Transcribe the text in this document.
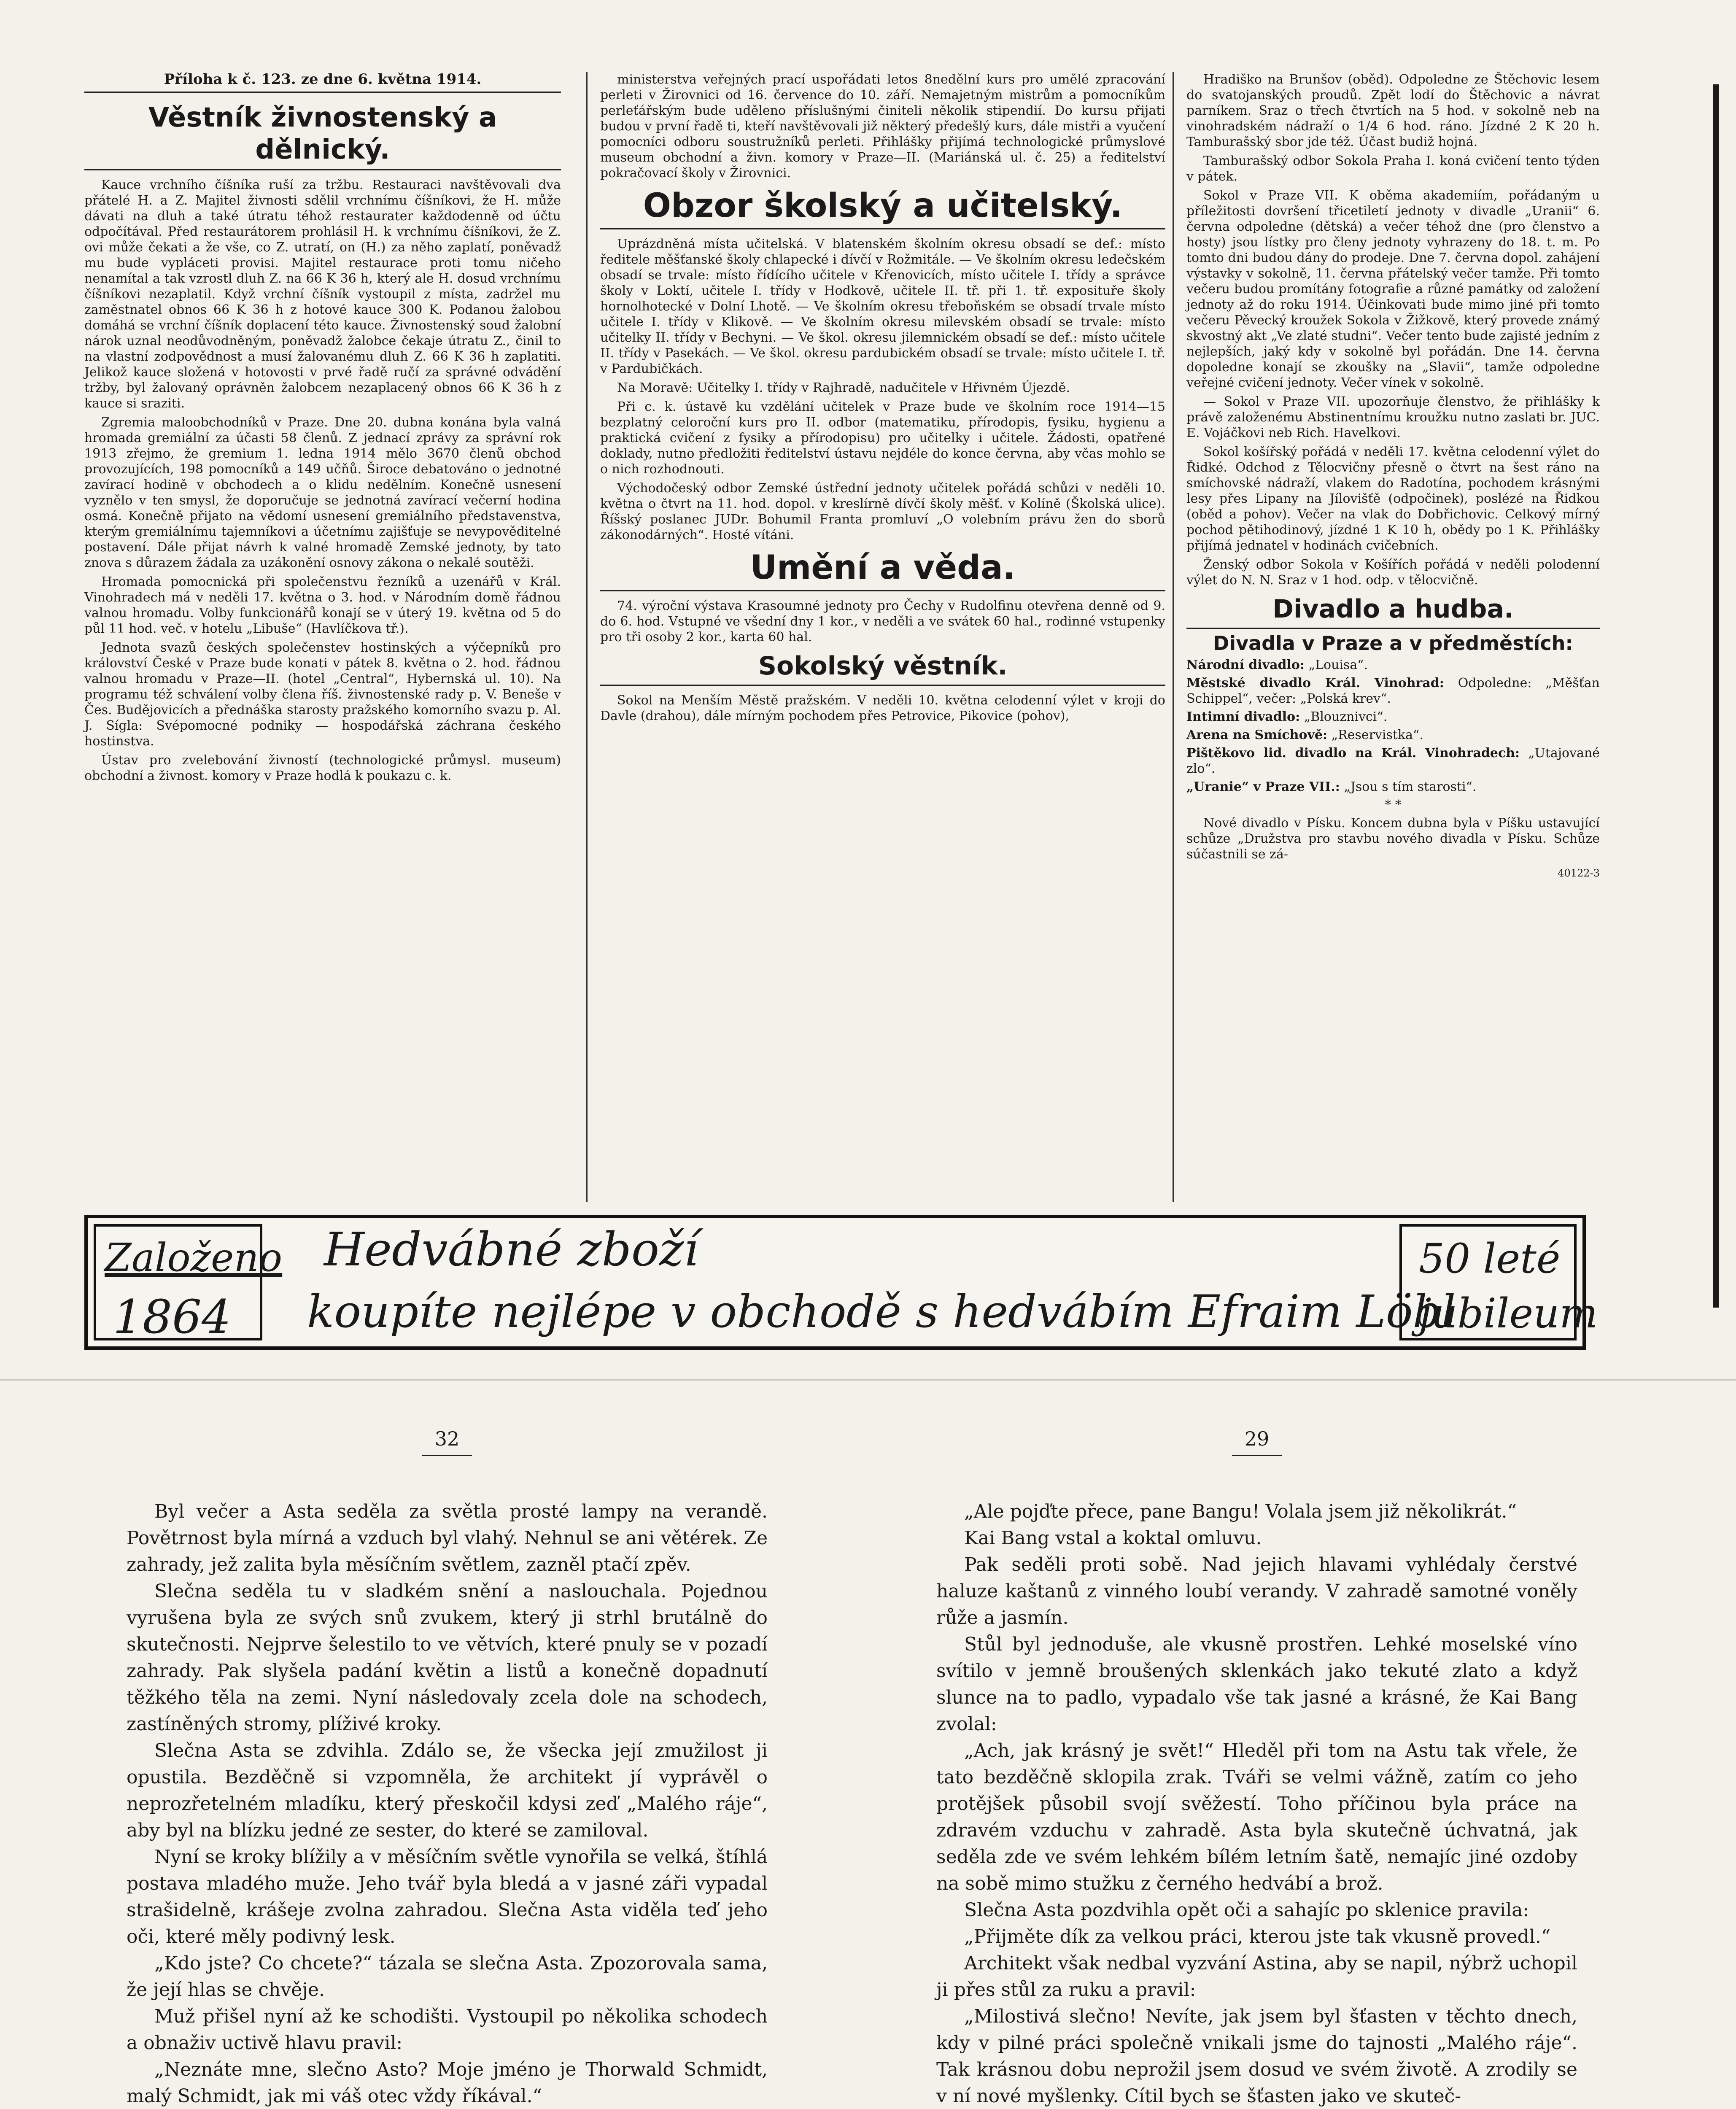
Příloha k č. 123. ze dne 6. května 1914.
Věstník živnostenský a dělnický.

Kauce vrchního číšníka ruší za tržbu. Restauraci navštěvovali dva přátelé H. a Z. Majitel živnosti sdělil vrchnímu číšníkovi, že H. může dávati na dluh a také útratu téhož restaurater každodenně od účtu odpočítával. Před restaurátorem prohlásil H. k vrchnímu číšníkovi, že Z. ovi může čekati a že vše, co Z. utratí, on (H.) za něho zaplatí, poněvadž mu bude vypláceti provisi. Majitel restaurace proti tomu ničeho nenamítal a tak vzrostl dluh Z. na 66 K 36 h, který ale H. dosud vrchnímu číšníkovi nezaplatil. Když vrchní číšník vystoupil z místa, zadržel mu zaměstnatel obnos 66 K 36 h z hotové kauce 300 K. Podanou žalobou domáhá se vrchní číšník doplacení této kauce. Živnostenský soud žalobní nárok uznal neodůvodněným, poněvadž žalobce čekaje útratu Z., činil to na vlastní zodpovědnost a musí žalovanému dluh Z. 66 K 36 h zaplatiti. Jelikož kauce složená v hotovosti v prvé řadě ručí za správné odvádění tržby, byl žalovaný oprávněn žalobcem nezaplacený obnos 66 K 36 h z kauce si sraziti.

Zgremia maloobchodníků v Praze. Dne 20. dubna konána byla valná hromada gremiální za účasti 58 členů. Z jednací zprávy za správní rok 1913 zřejmo, že gremium 1. ledna 1914 mělo 3670 členů obchod provozujících, 198 pomocníků a 149 učňů. Široce debatováno o jednotné zavírací hodině v obchodech a o klidu nedělním. Konečně usnesení vyznělo v ten smysl, že doporučuje se jednotná zavírací večerní hodina osmá. Konečně přijato na vědomí usnesení gremiálního představenstva, kterým gremiálnímu tajemníkovi a účetnímu zajišťuje se nevypověditelné postavení. Dále přijat návrh k valné hromadě Zemské jednoty, by tato znova s důrazem žádala za uzákonění osnovy zákona o nekalé soutěži.

Hromada pomocnická při společenstvu řezníků a uzenářů v Král. Vinohradech má v neděli 17. května o 3. hod. v Národním domě řádnou valnou hromadu. Volby funkcionářů konají se v úterý 19. května od 5 do půl 11 hod. več. v hotelu „Libuše“ (Havlíčkova tř.).

Jednota svazů českých společenstev hostinských a výčepníků pro království České v Praze bude konati v pátek 8. května o 2. hod. řádnou valnou hromadu v Praze—II. (hotel „Central“, Hybernská ul. 10). Na programu též schválení volby člena říš. živnostenské rady p. V. Beneše v Čes. Budějovicích a přednáška starosty pražského komorního svazu p. Al. J. Sígla: Svépomocné podniky — hospodářská záchrana českého hostinstva.

Ústav pro zvelebování živností (technologické průmysl. museum) obchodní a živnost. komory v Praze hodlá k poukazu c. k.

ministerstva veřejných prací uspořádati letos 8nedělní kurs pro umělé zpracování perleti v Žirovnici od 16. července do 10. září. Nemajetným mistrům a pomocníkům perleťářským bude uděleno příslušnými činiteli několik stipendií. Do kursu přijati budou v první řadě ti, kteří navštěvovali již některý předešlý kurs, dále mistři a vyučení pomocníci odboru soustružníků perleti. Přihlášky přijímá technologické průmyslové museum obchodní a živn. komory v Praze—II. (Mariánská ul. č. 25) a ředitelství pokračovací školy v Žirovnici.

Obzor školský a učitelský.

Uprázdněná místa učitelská. V blatenském školním okresu obsadí se def.: místo ředitele měšťanské školy chlapecké i dívčí v Rožmitále. — Ve školním okresu ledečském obsadí se trvale: místo řídícího učitele v Křenovicích, místo učitele I. třídy a správce školy v Loktí, učitele I. třídy v Hodkově, učitele II. tř. při 1. tř. exposituře školy hornolhotecké v Dolní Lhotě. — Ve školním okresu třeboňském se obsadí trvale místo učitele I. třídy v Klikově. — Ve školním okresu milevském obsadí se trvale: místo učitelky II. třídy v Bechyni. — Ve škol. okresu jilemnickém obsadí se def.: místo učitele II. třídy v Pasekách. — Ve škol. okresu pardubickém obsadí se trvale: místo učitele I. tř. v Pardubičkách.

Na Moravě: Učitelky I. třídy v Rajhradě, nadučitele v Hřivném Újezdě.

Při c. k. ústavě ku vzdělání učitelek v Praze bude ve školním roce 1914—15 bezplatný celoroční kurs pro II. odbor (matematiku, přírodopis, fysiku, hygienu a praktická cvičení z fysiky a přírodopisu) pro učitelky i učitele. Žádosti, opatřené doklady, nutno předložiti ředitelství ústavu nejdéle do konce června, aby včas mohlo se o nich rozhodnouti.

Východočeský odbor Zemské ústřední jednoty učitelek pořádá schůzi v neděli 10. května o čtvrt na 11. hod. dopol. v kreslírně dívčí školy měšť. v Kolíně (Školská ulice). Říšský poslanec JUDr. Bohumil Franta promluví „O volebním právu žen do sborů zákonodárných“. Hosté vítáni.

Umění a věda.

74. výroční výstava Krasoumné jednoty pro Čechy v Rudolfinu otevřena denně od 9. do 6. hod. Vstupné ve všední dny 1 kor., v neděli a ve svátek 60 hal., rodinné vstupenky pro tři osoby 2 kor., karta 60 hal.

Sokolský věstník.

Sokol na Menším Městě pražském. V neděli 10. května celodenní výlet v kroji do Davle (drahou), dále mírným pochodem přes Petrovice, Pikovice (pohov),

Hradiško na Brunšov (oběd). Odpoledne ze Štěchovic lesem do svatojanských proudů. Zpět lodí do Štěchovic a návrat parníkem. Sraz o třech čtvrtích na 5 hod. v sokolně neb na vinohradském nádraží o 1/4 6 hod. ráno. Jízdné 2 K 20 h. Tamburašský sbor jde též. Účast budiž hojná.

Tamburašský odbor Sokola Praha I. koná cvičení tento týden v pátek.

Sokol v Praze VII. K oběma akademiím, pořádaným u příležitosti dovršení třicetiletí jednoty v divadle „Uranii“ 6. června odpoledne (dětská) a večer téhož dne (pro členstvo a hosty) jsou lístky pro členy jednoty vyhrazeny do 18. t. m. Po tomto dni budou dány do prodeje. Dne 7. června dopol. zahájení výstavky v sokolně, 11. června přátelský večer tamže. Při tomto večeru budou promítány fotografie a různé památky od založení jednoty až do roku 1914. Účinkovati bude mimo jiné při tomto večeru Pěvecký kroužek Sokola v Žižkově, který provede známý skvostný akt „Ve zlaté studni“. Večer tento bude zajisté jedním z nejlepších, jaký kdy v sokolně byl pořádán. Dne 14. června dopoledne konají se zkoušky na „Slavii“, tamže odpoledne veřejné cvičení jednoty. Večer vínek v sokolně.

— Sokol v Praze VII. upozorňuje členstvo, že přihlášky k právě založenému Abstinentnímu kroužku nutno zaslati br. JUC. E. Vojáčkovi neb Rich. Havelkovi.

Sokol košířský pořádá v neděli 17. května celodenní výlet do Řidké. Odchod z Tělocvičny přesně o čtvrt na šest ráno na smíchovské nádraží, vlakem do Radotína, pochodem krásnými lesy přes Lipany na Jílovišťě (odpočinek), poslézé na Řidkou (oběd a pohov). Večer na vlak do Dobřichovic. Celkový mírný pochod pětihodinový, jízdné 1 K 10 h, obědy po 1 K. Přihlášky přijímá jednatel v hodinách cvičebních.

Ženský odbor Sokola v Košířích pořádá v neděli polodenní výlet do N. N. Sraz v 1 hod. odp. v tělocvičně.

Divadlo a hudba.
Divadla v Praze a v předměstích:
Národní divadlo: „Louisa“.
Městské divadlo Král. Vinohrad: Odpoledne: „Měšťan Schippel“, večer: „Polská krev“.
Intimní divadlo: „Blouznivci“.
Arena na Smíchově: „Reservistka“.
Pištěkovo lid. divadlo na Král. Vinohradech: „Utajované zlo“.
„Uranie“ v Praze VII.: „Jsou s tím starosti“.
* *

Nové divadlo v Písku. Koncem dubna byla v Píšku ustavující schůze „Družstva pro stavbu nového divadla v Písku. Schůze súčastnili se zá-

40122-3
Založeno
1864
Hedvábné zboží
koupíte nejlépe v obchodě s hedvábím Efraim Löbl
50 leté
jubileum
32

Byl večer a Asta seděla za světla prosté lampy na verandě. Povětrnost byla mírná a vzduch byl vlahý. Nehnul se ani větérek. Ze zahrady, jež zalita byla měsíčním světlem, zazněl ptačí zpěv.

Slečna seděla tu v sladkém snění a naslouchala. Pojednou vyrušena byla ze svých snů zvukem, který ji strhl brutálně do skutečnosti. Nejprve šelestilo to ve větvích, které pnuly se v pozadí zahrady. Pak slyšela padání květin a listů a konečně dopadnutí těžkého těla na zemi. Nyní následovaly zcela dole na schodech, zastíněných stromy, plíživé kroky.

Slečna Asta se zdvihla. Zdálo se, že všecka její zmužilost ji opustila. Bezděčně si vzpomněla, že architekt jí vyprávěl o neprozřetelném mladíku, který přeskočil kdysi zeď „Malého ráje“, aby byl na blízku jedné ze sester, do které se zamiloval.

Nyní se kroky blížily a v měsíčním světle vynořila se velká, štíhlá postava mladého muže. Jeho tvář byla bledá a v jasné záři vypadal strašidelně, krášeje zvolna zahradou. Slečna Asta viděla teď jeho oči, které měly podivný lesk.

„Kdo jste? Co chcete?“ tázala se slečna Asta. Zpozorovala sama, že její hlas se chvěje.

Muž přišel nyní až ke schodišti. Vystoupil po několika schodech a obnaživ uctivě hlavu pravil:

„Neznáte mne, slečno Asto? Moje jméno je Thorwald Schmidt, malý Schmidt, jak mi váš otec vždy říkával.“

29

„Ale pojďte přece, pane Bangu! Volala jsem již několikrát.“

Kai Bang vstal a koktal omluvu.

Pak seděli proti sobě. Nad jejich hlavami vyhlédaly čerstvé haluze kaštanů z vinného loubí verandy. V zahradě samotné voněly růže a jasmín.

Stůl byl jednoduše, ale vkusně prostřen. Lehké moselské víno svítilo v jemně broušených sklenkách jako tekuté zlato a když slunce na to padlo, vypadalo vše tak jasné a krásné, že Kai Bang zvolal:

„Ach, jak krásný je svět!“ Hleděl při tom na Astu tak vřele, že tato bezděčně sklopila zrak. Tváři se velmi vážně, zatím co jeho protějšek působil svojí svěžestí. Toho příčinou byla práce na zdravém vzduchu v zahradě. Asta byla skutečně úchvatná, jak seděla zde ve svém lehkém bílém letním šatě, nemajíc jiné ozdoby na sobě mimo stužku z černého hedvábí a brož.

Slečna Asta pozdvihla opět oči a sahajíc po sklenice pravila:

„Přijměte dík za velkou práci, kterou jste tak vkusně provedl.“

Architekt však nedbal vyzvání Astina, aby se napil, nýbrž uchopil ji přes stůl za ruku a pravil:

„Milostivá slečno! Nevíte, jak jsem byl šťasten v těchto dnech, kdy v pilné práci společně vnikali jsme do tajnosti „Malého ráje“. Tak krásnou dobu neprožil jsem dosud ve svém životě. A zrodily se v ní nové myšlenky. Cítil bych se šťasten jako ve skuteč-
